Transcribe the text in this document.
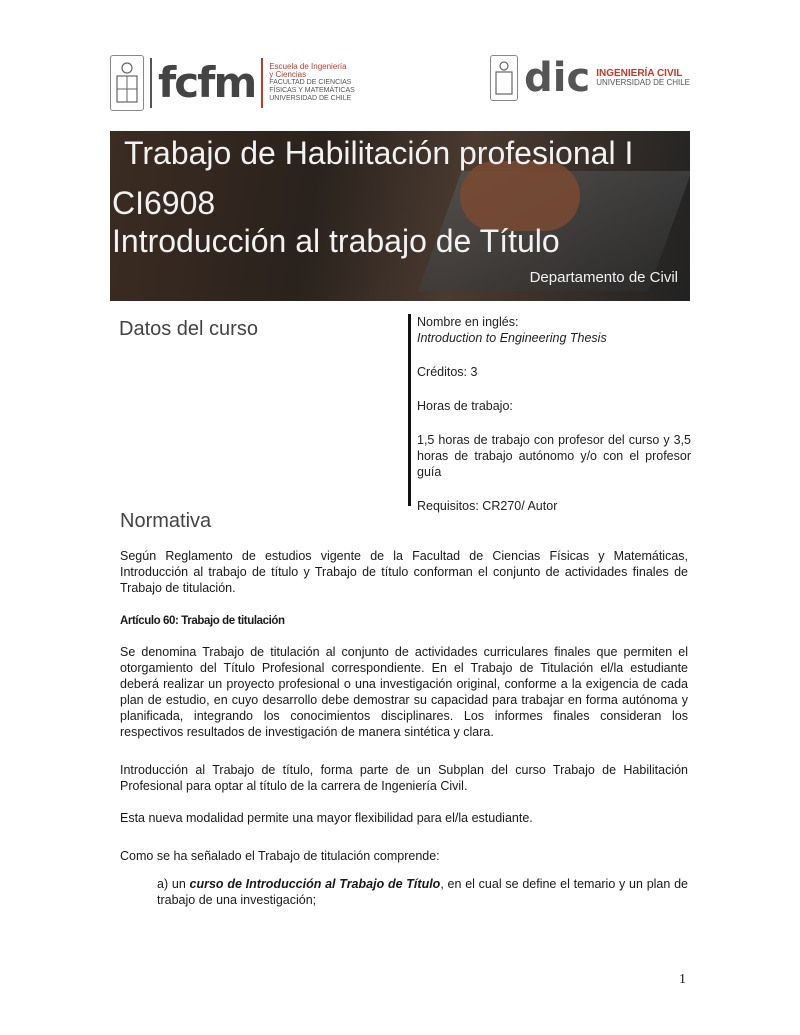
fcfm	Escuela de Ingeniería
y Ciencias
FACULTAD DE CIENCIAS
FÍSICAS Y MATEMÁTICAS
UNIVERSIDAD DE CHILE	dic INGENIERÍA CIVIL
UNIVERSIDAD DE CHILE
Trabajo de Habilitación profesional I
CI6908
Introducción al trabajo de Título
Departamento de Civil
Datos del curso	Nombre en inglés:

Introduction to Engineering Thesis

Créditos: 3

Horas de trabajo:

1,5 horas de trabajo con profesor del curso y 3,5 horas de trabajo autónomo y/o con el profesor guía

Requisitos: CR270/ Autor

Normativa

Según Reglamento de estudios vigente de la Facultad de Ciencias Físicas y Matemáticas, Introducción al trabajo de título y Trabajo de título conforman el conjunto de actividades finales de Trabajo de titulación.

Artículo 60: Trabajo de titulación

Se denomina Trabajo de titulación al conjunto de actividades curriculares finales que permiten el otorgamiento del Título Profesional correspondiente. En el Trabajo de Titulación el/la estudiante deberá realizar un proyecto profesional o una investigación original, conforme a la exigencia de cada plan de estudio, en cuyo desarrollo debe demostrar su capacidad para trabajar en forma autónoma y planificada, integrando los conocimientos disciplinares. Los informes finales consideran los respectivos resultados de investigación de manera sintética y clara.

Introducción al Trabajo de título, forma parte de un Subplan del curso Trabajo de Habilitación Profesional para optar al título de la carrera de Ingeniería Civil.

Esta nueva modalidad permite una mayor flexibilidad para el/la estudiante.

Como se ha señalado el Trabajo de titulación comprende:

a) un curso de Introducción al Trabajo de Título, en el cual se define el temario y un plan de trabajo de una investigación;

1
